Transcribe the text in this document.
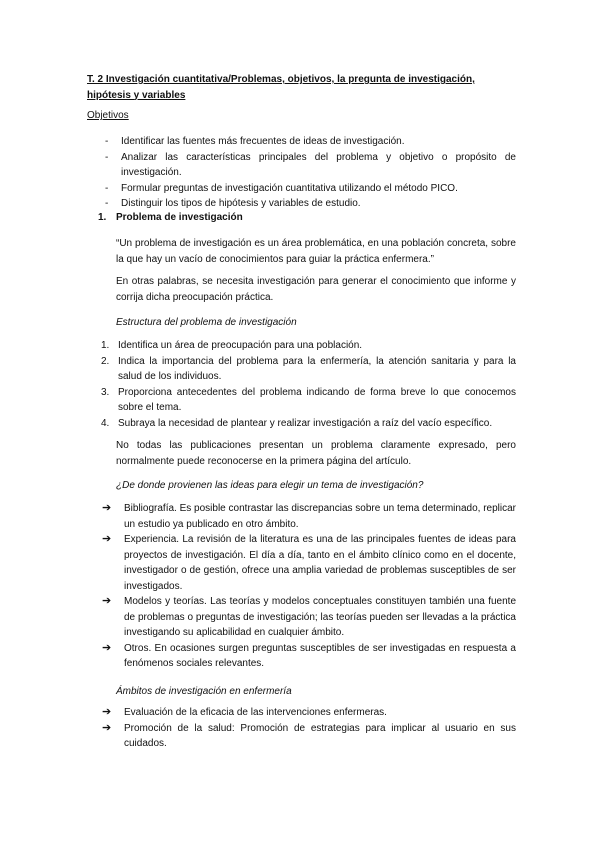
T. 2 Investigación cuantitativa/Problemas, objetivos, la pregunta de investigación, hipótesis y variables
Objetivos
- Identificar las fuentes más frecuentes de ideas de investigación.
- Analizar las características principales del problema y objetivo o propósito de investigación.
- Formular preguntas de investigación cuantitativa utilizando el método PICO.
- Distinguir los tipos de hipótesis y variables de estudio.
1. Problema de investigación

“Un problema de investigación es un área problemática, en una población concreta, sobre la que hay un vacío de conocimientos para guiar la práctica enfermera.”

En otras palabras, se necesita investigación para generar el conocimiento que informe y corrija dicha preocupación práctica.

Estructura del problema de investigación

1. Identifica un área de preocupación para una población.
2. Indica la importancia del problema para la enfermería, la atención sanitaria y para la salud de los individuos.
3. Proporciona antecedentes del problema indicando de forma breve lo que conocemos sobre el tema.
4. Subraya la necesidad de plantear y realizar investigación a raíz del vacío específico.

No todas las publicaciones presentan un problema claramente expresado, pero normalmente puede reconocerse en la primera página del artículo.

¿De donde provienen las ideas para elegir un tema de investigación?

➔ Bibliografía. Es posible contrastar las discrepancias sobre un tema determinado, replicar un estudio ya publicado en otro ámbito.
➔ Experiencia. La revisión de la literatura es una de las principales fuentes de ideas para proyectos de investigación. El día a día, tanto en el ámbito clínico como en el docente, investigador o de gestión, ofrece una amplia variedad de problemas susceptibles de ser investigados.
➔ Modelos y teorías. Las teorías y modelos conceptuales constituyen también una fuente de problemas o preguntas de investigación; las teorías pueden ser llevadas a la práctica investigando su aplicabilidad en cualquier ámbito.
➔ Otros. En ocasiones surgen preguntas susceptibles de ser investigadas en respuesta a fenómenos sociales relevantes.

Ámbitos de investigación en enfermería

➔ Evaluación de la eficacia de las intervenciones enfermeras.
➔ Promoción de la salud: Promoción de estrategias para implicar al usuario en sus cuidados.
